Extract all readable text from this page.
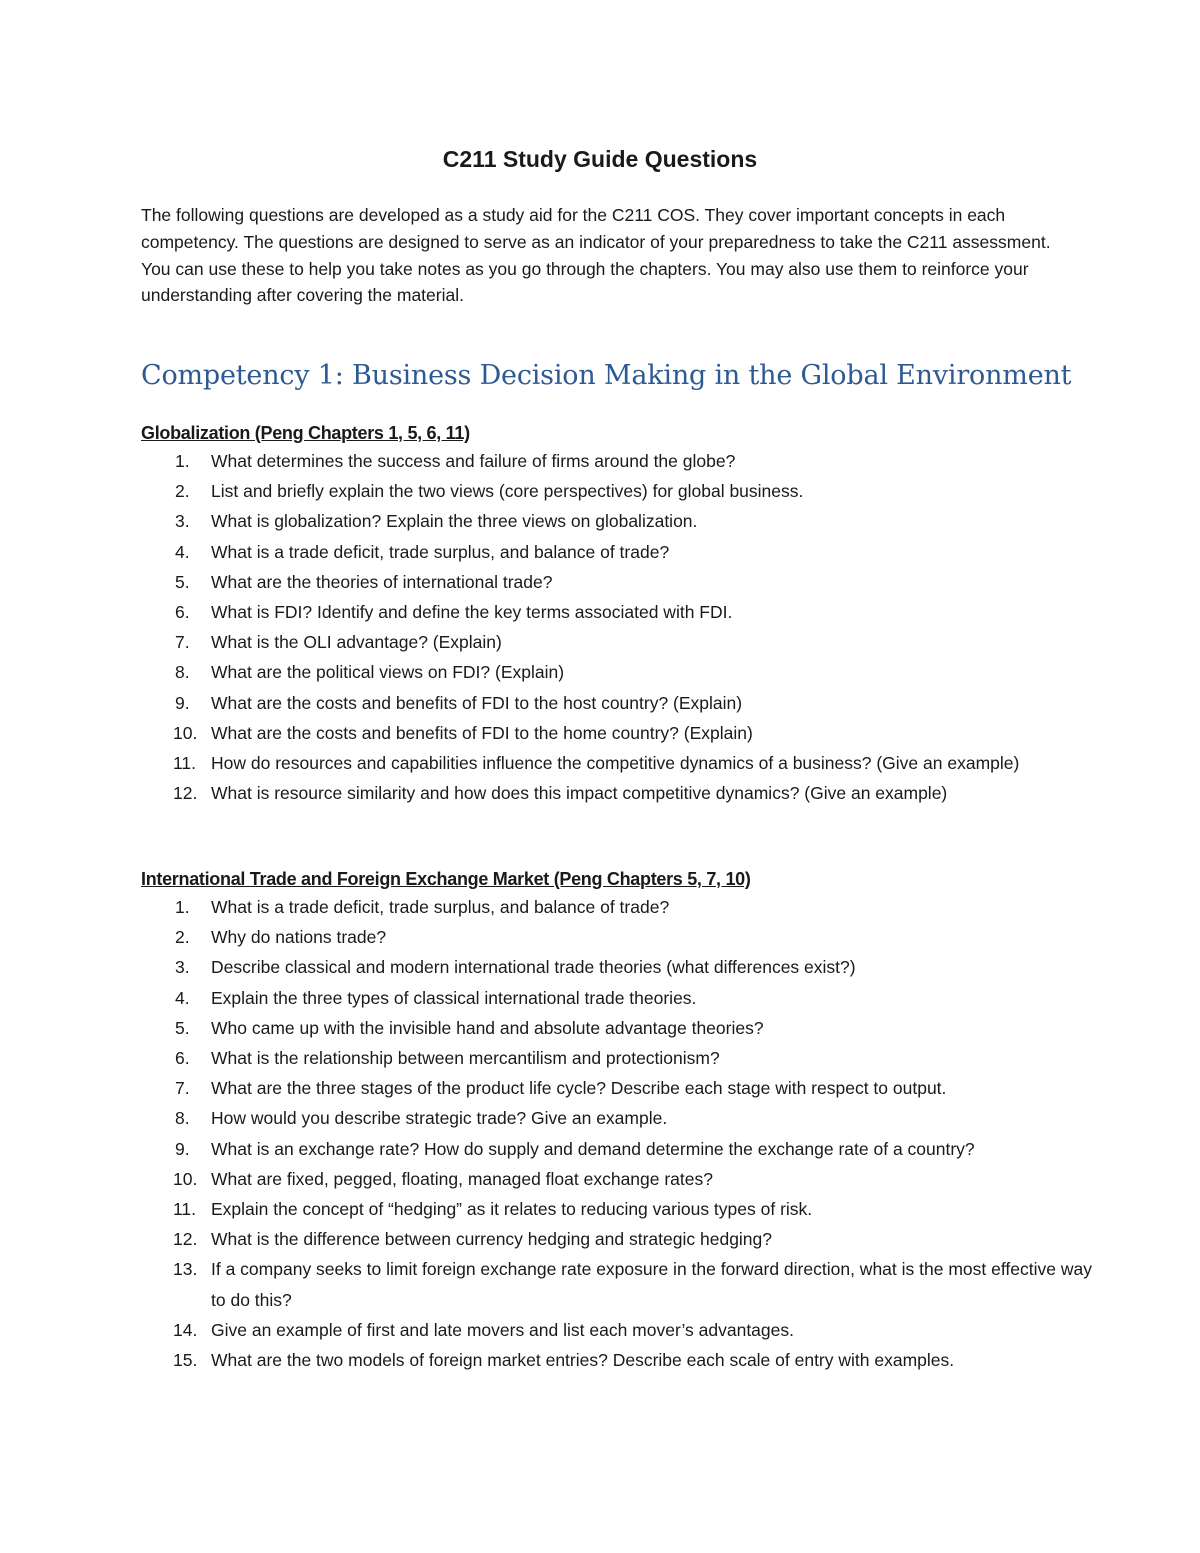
C211 Study Guide Questions

The following questions are developed as a study aid for the C211 COS. They cover important concepts in each competency. The questions are designed to serve as an indicator of your preparedness to take the C211 assessment. You can use these to help you take notes as you go through the chapters. You may also use them to reinforce your understanding after covering the material.

Competency 1: Business Decision Making in the Global Environment
Globalization (Peng Chapters 1, 5, 6, 11)
1. What determines the success and failure of firms around the globe?
2. List and briefly explain the two views (core perspectives) for global business.
3. What is globalization? Explain the three views on globalization.
4. What is a trade deficit, trade surplus, and balance of trade?
5. What are the theories of international trade?
6. What is FDI? Identify and define the key terms associated with FDI.
7. What is the OLI advantage? (Explain)
8. What are the political views on FDI? (Explain)
9. What are the costs and benefits of FDI to the host country? (Explain)
10. What are the costs and benefits of FDI to the home country? (Explain)
11. How do resources and capabilities influence the competitive dynamics of a business? (Give an example)
12. What is resource similarity and how does this impact competitive dynamics? (Give an example)
International Trade and Foreign Exchange Market (Peng Chapters 5, 7, 10)
1. What is a trade deficit, trade surplus, and balance of trade?
2. Why do nations trade?
3. Describe classical and modern international trade theories (what differences exist?)
4. Explain the three types of classical international trade theories.
5. Who came up with the invisible hand and absolute advantage theories?
6. What is the relationship between mercantilism and protectionism?
7. What are the three stages of the product life cycle? Describe each stage with respect to output.
8. How would you describe strategic trade? Give an example.
9. What is an exchange rate? How do supply and demand determine the exchange rate of a country?
10. What are fixed, pegged, floating, managed float exchange rates?
11. Explain the concept of “hedging” as it relates to reducing various types of risk.
12. What is the difference between currency hedging and strategic hedging?
13. If a company seeks to limit foreign exchange rate exposure in the forward direction, what is the most effective way to do this?
14. Give an example of first and late movers and list each mover’s advantages.
15. What are the two models of foreign market entries? Describe each scale of entry with examples.
